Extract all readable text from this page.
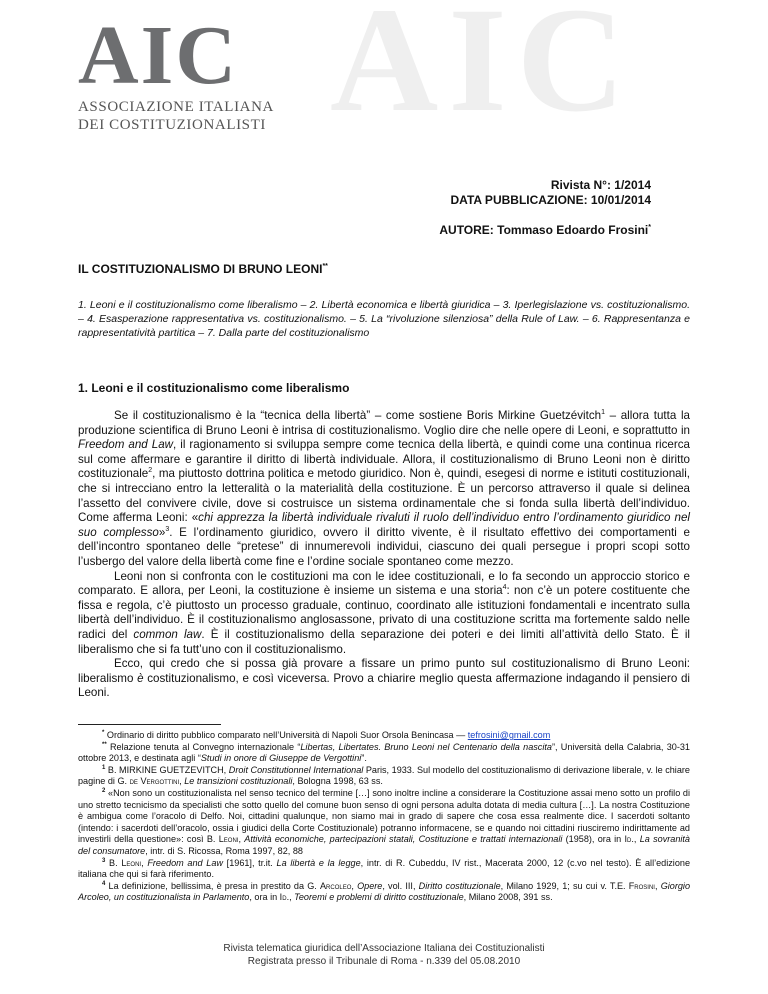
AIC
AIC
ASSOCIAZIONE ITALIANA
DEI COSTITUZIONALISTI
Rivista N°: 1/2014
DATA PUBBLICAZIONE: 10/01/2014
AUTORE: Tommaso Edoardo Frosini*
IL COSTITUZIONALISMO DI BRUNO LEONI**
1. Leoni e il costituzionalismo come liberalismo – 2. Libertà economica e libertà giuridica – 3. Iperlegislazione vs. costituzionalismo. – 4. Esasperazione rappresentativa vs. costituzionalismo. – 5. La “rivoluzione silenziosa” della Rule of Law. – 6. Rappresentanza e rappresentatività partitica – 7. Dalla parte del costituzionalismo
1. Leoni e il costituzionalismo come liberalismo

Se il costituzionalismo è la “tecnica della libertà” – come sostiene Boris Mirkine Guetzévitch$^1$ – allora tutta la produzione scientifica di Bruno Leoni è intrisa di costituzionalismo. Voglio dire che nelle opere di Leoni, e soprattutto in Freedom and Law, il ragionamento si sviluppa sempre come tecnica della libertà, e quindi come una continua ricerca sul come affermare e garantire il diritto di libertà individuale. Allora, il costituzionalismo di Bruno Leoni non è diritto costituzionale$^2$, ma piuttosto dottrina politica e metodo giuridico. Non è, quindi, esegesi di norme e istituti costituzionali, che si intrecciano entro la letteralità o la materialità della costituzione. È un percorso attraverso il quale si delinea l’assetto del convivere civile, dove si costruisce un sistema ordinamentale che si fonda sulla libertà dell’individuo. Come afferma Leoni: «chi apprezza la libertà individuale rivaluti il ruolo dell’individuo entro l’ordinamento giuridico nel suo complesso»$^3$. E l’ordinamento giuridico, ovvero il diritto vivente, è il risultato effettivo dei comportamenti e dell’incontro spontaneo delle “pretese” di innumerevoli individui, ciascuno dei quali persegue i propri scopi sotto l’usbergo del valore della libertà come fine e l’ordine sociale spontaneo come mezzo.

Leoni non si confronta con le costituzioni ma con le idee costituzionali, e lo fa secondo un approccio storico e comparato. E allora, per Leoni, la costituzione è insieme un sistema e una storia$^4$: non c’è un potere costituente che fissa e regola, c’è piuttosto un processo graduale, continuo, coordinato alle istituzioni fondamentali e incentrato sulla libertà dell’individuo. È il costituzionalismo anglosassone, privato di una costituzione scritta ma fortemente saldo nelle radici del common law. È il costituzionalismo della separazione dei poteri e dei limiti all’attività dello Stato. È il liberalismo che si fa tutt’uno con il costituzionalismo.

Ecco, qui credo che si possa già provare a fissare un primo punto sul costituzionalismo di Bruno Leoni: liberalismo è costituzionalismo, e così viceversa. Provo a chiarire meglio questa affermazione indagando il pensiero di Leoni.

* Ordinario di diritto pubblico comparato nell’Università di Napoli Suor Orsola Benincasa — tefrosini@gmail.com

** Relazione tenuta al Convegno internazionale “Libertas, Libertates. Bruno Leoni nel Centenario della nascita”, Università della Calabria, 30-31 ottobre 2013, e destinata agli “Studi in onore di Giuseppe de Vergottini”.

$^1$ B. MIRKINE GUETZEVITCH, Droit Constitutionnel International Paris, 1933. Sul modello del costituzionalismo di derivazione liberale, v. le chiare pagine di G. de Vergottini, Le transizioni costituzionali, Bologna 1998, 63 ss.

$^2$ «Non sono un costituzionalista nel senso tecnico del termine […] sono inoltre incline a considerare la Costituzione assai meno sotto un profilo di uno stretto tecnicismo da specialisti che sotto quello del comune buon senso di ogni persona adulta dotata di media cultura […]. La nostra Costituzione è ambigua come l’oracolo di Delfo. Noi, cittadini qualunque, non siamo mai in grado di sapere che cosa essa realmente dice. I sacerdoti soltanto (intendo: i sacerdoti dell’oracolo, ossia i giudici della Corte Costituzionale) potranno informacene, se e quando noi cittadini riusciremo indirittamente ad investirli della questione»: così B. Leoni, Attività economiche, partecipazioni statali, Costituzione e trattati internazionali (1958), ora in Id., La sovranità del consumatore, intr. di S. Ricossa, Roma 1997, 82, 88

$^3$ B. Leoni, Freedom and Law [1961], tr.it. La libertà e la legge, intr. di R. Cubeddu, IV rist., Macerata 2000, 12 (c.vo nel testo). È all’edizione italiana che qui si farà riferimento.

$^4$ La definizione, bellissima, è presa in prestito da G. Arcoleo, Opere, vol. III, Diritto costituzionale, Milano 1929, 1; su cui v. T.E. Frosini, Giorgio Arcoleo, un costituzionalista in Parlamento, ora in Id., Teoremi e problemi di diritto costituzionale, Milano 2008, 391 ss.

Rivista telematica giuridica dell’Associazione Italiana dei Costituzionalisti
Registrata presso il Tribunale di Roma - n.339 del 05.08.2010
